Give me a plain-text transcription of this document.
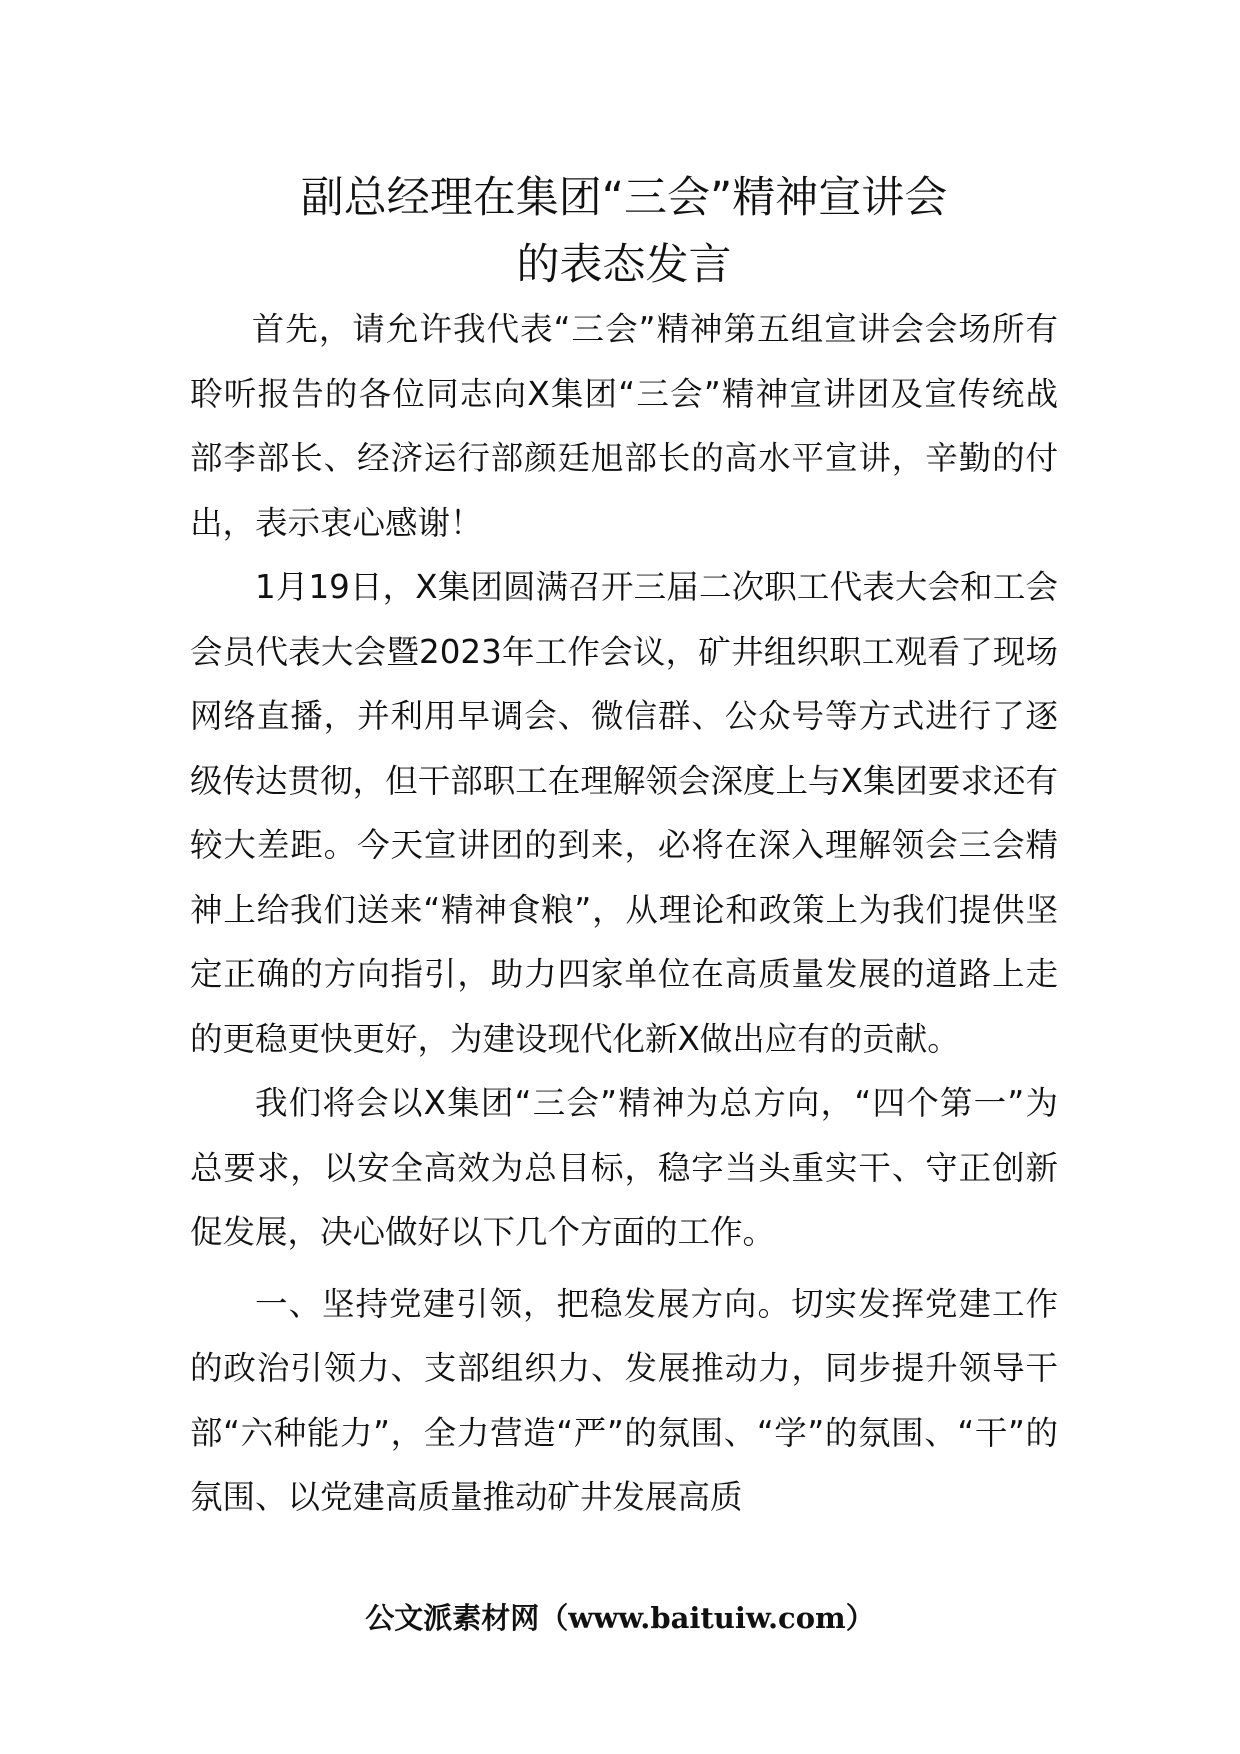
副总经理在集团“三会”精神宣讲会
的表态发言

首先，请允许我代表“三会”精神第五组宣讲会会场所有聆听报告的各位同志向X集团“三会”精神宣讲团及宣传统战部李部长、经济运行部颜廷旭部长的高水平宣讲，辛勤的付出，表示衷心感谢！

1月19日，X集团圆满召开三届二次职工代表大会和工会会员代表大会暨2023年工作会议，矿井组织职工观看了现场网络直播，并利用早调会、微信群、公众号等方式进行了逐级传达贯彻，但干部职工在理解领会深度上与X集团要求还有较大差距。今天宣讲团的到来，必将在深入理解领会三会精神上给我们送来“精神食粮”，从理论和政策上为我们提供坚定正确的方向指引，助力四家单位在高质量发展的道路上走的更稳更快更好，为建设现代化新X做出应有的贡献。

我们将会以X集团“三会”精神为总方向，“四个第一”为总要求，以安全高效为总目标，稳字当头重实干、守正创新促发展，决心做好以下几个方面的工作。

一、坚持党建引领，把稳发展方向。切实发挥党建工作的政治引领力、支部组织力、发展推动力，同步提升领导干部“六种能力”，全力营造“严”的氛围、“学”的氛围、“干”的氛围、以党建高质量推动矿井发展高质

公文派素材网（www.baituiw.com）
